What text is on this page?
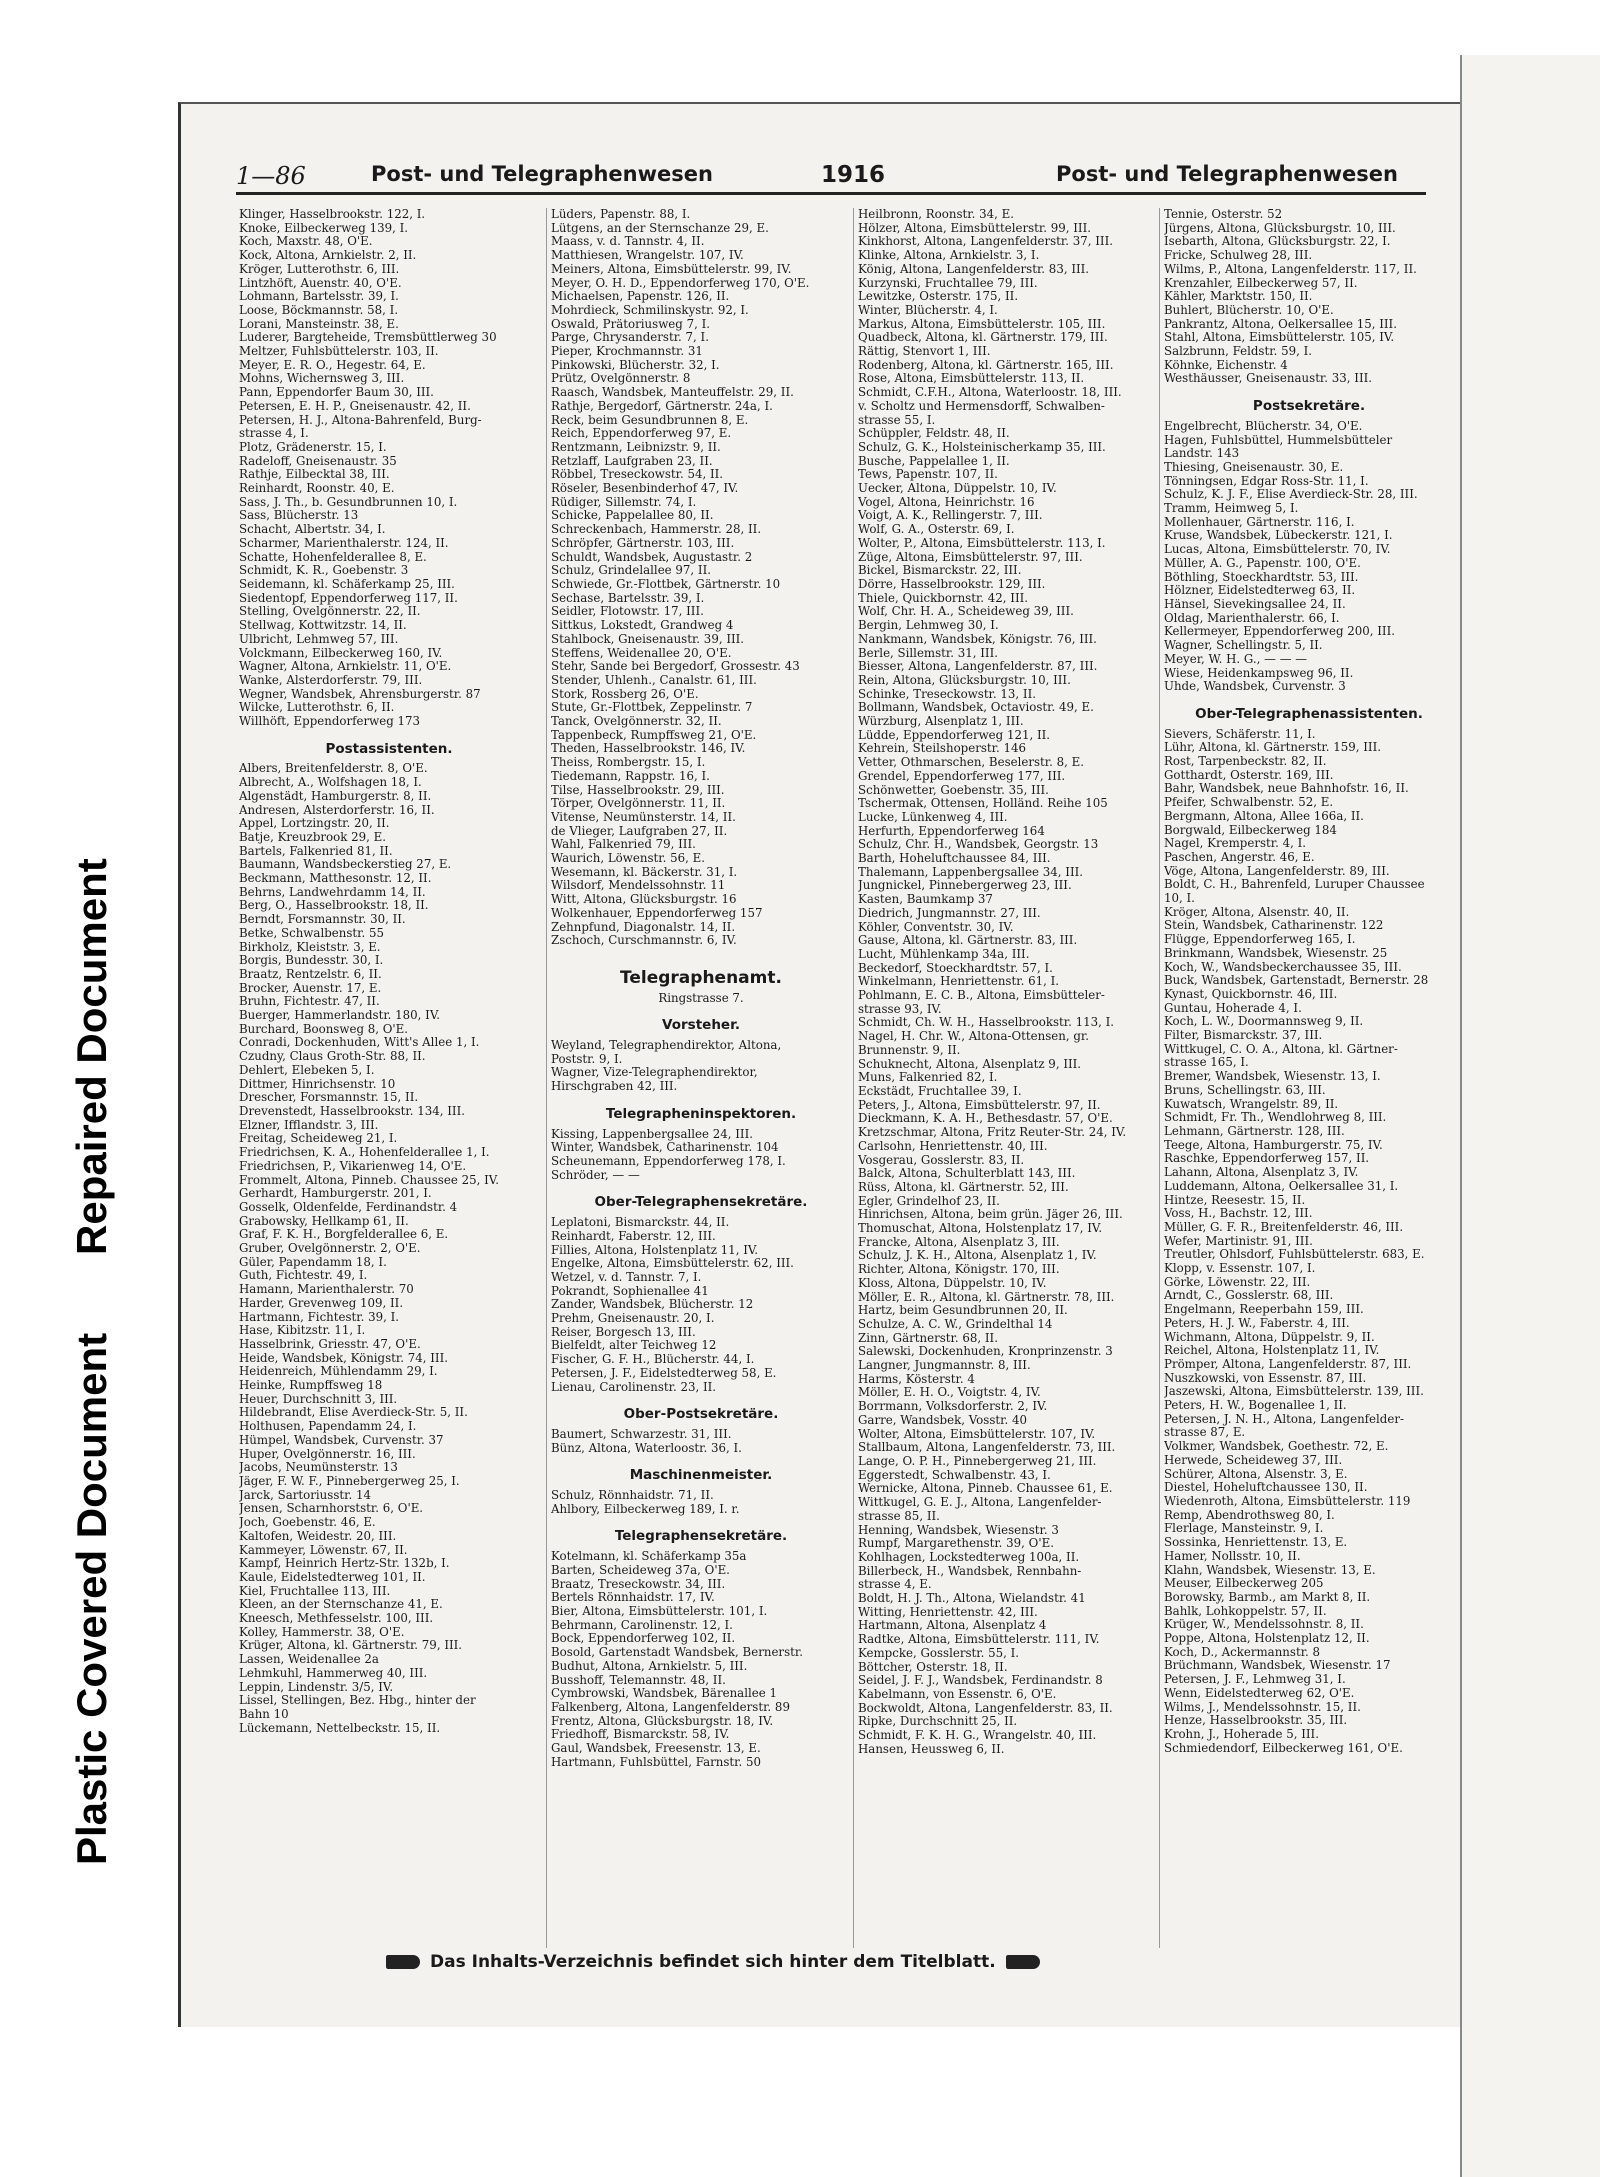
Repaired Document
Plastic Covered Document
1—86	Post- und Telegraphenwesen	1916	Post- und Telegraphenwesen
Klinger, Hasselbrookstr. 122, I.
Knoke, Eilbeckerweg 139, I.
Koch, Maxstr. 48, O'E.
Kock, Altona, Arnkielstr. 2, II.
Kröger, Lutterothstr. 6, III.
Lintzhöft, Auenstr. 40, O'E.
Lohmann, Bartelsstr. 39, I.
Loose, Böckmannstr. 58, I.
Lorani, Mansteinstr. 38, E.
Luderer, Bargteheide, Tremsbüttlerweg 30
Meltzer, Fuhlsbüttelerstr. 103, II.
Meyer, E. R. O., Hegestr. 64, E.
Mohns, Wichernsweg 3, III.
Pann, Eppendorfer Baum 30, III.
Petersen, E. H. P., Gneisenaustr. 42, II.
Petersen, H. J., Altona-Bahrenfeld, Burg-
strasse 4, I.
Plotz, Grädenerstr. 15, I.
Radeloff, Gneisenaustr. 35
Rathje, Eilbecktal 38, III.
Reinhardt, Roonstr. 40, E.
Sass, J. Th., b. Gesundbrunnen 10, I.
Sass, Blücherstr. 13
Schacht, Albertstr. 34, I.
Scharmer, Marienthalerstr. 124, II.
Schatte, Hohenfelderallee 8, E.
Schmidt, K. R., Goebenstr. 3
Seidemann, kl. Schäferkamp 25, III.
Siedentopf, Eppendorferweg 117, II.
Stelling, Övelgönnerstr. 22, II.
Stellwag, Kottwitzstr. 14, II.
Ulbricht, Lehmweg 57, III.
Volckmann, Eilbeckerweg 160, IV.
Wagner, Altona, Arnkielstr. 11, O'E.
Wanke, Alsterdorferstr. 79, III.
Wegner, Wandsbek, Ahrensburgerstr. 87
Wilcke, Lutterothstr. 6, II.
Willhöft, Eppendorferweg 173
Postassistenten.
Albers, Breitenfelderstr. 8, O'E.
Albrecht, A., Wolfshagen 18, I.
Algenstädt, Hamburgerstr. 8, II.
Andresen, Alsterdorferstr. 16, II.
Appel, Lortzingstr. 20, II.
Batje, Kreuzbrook 29, E.
Bartels, Falkenried 81, II.
Baumann, Wandsbeckerstieg 27, E.
Beckmann, Matthesonstr. 12, II.
Behrns, Landwehrdamm 14, II.
Berg, O., Hasselbrookstr. 18, II.
Berndt, Forsmannstr. 30, II.
Betke, Schwalbenstr. 55
Birkholz, Kleiststr. 3, E.
Borgis, Bundesstr. 30, I.
Braatz, Rentzelstr. 6, II.
Brocker, Auenstr. 17, E.
Bruhn, Fichtestr. 47, II.
Buerger, Hammerlandstr. 180, IV.
Burchard, Boonsweg 8, O'E.
Conradi, Dockenhuden, Witt's Allee 1, I.
Czudny, Claus Groth-Str. 88, II.
Dehlert, Elebeken 5, I.
Dittmer, Hinrichsenstr. 10
Drescher, Forsmannstr. 15, II.
Drevenstedt, Hasselbrookstr. 134, III.
Elzner, Ifflandstr. 3, III.
Freitag, Scheideweg 21, I.
Friedrichsen, K. A., Hohenfelderallee 1, I.
Friedrichsen, P., Vikarienweg 14, O'E.
Frommelt, Altona, Pinneb. Chaussee 25, IV.
Gerhardt, Hamburgerstr. 201, I.
Gosselk, Oldenfelde, Ferdinandstr. 4
Grabowsky, Hellkamp 61, II.
Graf, F. K. H., Borgfelderallee 6, E.
Gruber, Övelgönnerstr. 2, O'E.
Güler, Papendamm 18, I.
Guth, Fichtestr. 49, I.
Hamann, Marienthalerstr. 70
Harder, Grevenweg 109, II.
Hartmann, Fichtestr. 39, I.
Hase, Kibitzstr. 11, I.
Hasselbrink, Griesstr. 47, O'E.
Heide, Wandsbek, Königstr. 74, III.
Heidenreich, Mühlendamm 29, I.
Heinke, Rumpffsweg 18
Heuer, Durchschnitt 3, III.
Hildebrandt, Elise Averdieck-Str. 5, II.
Holthusen, Papendamm 24, I.
Hümpel, Wandsbek, Curvenstr. 37
Huper, Övelgönnerstr. 16, III.
Jacobs, Neumünsterstr. 13
Jäger, F. W. F., Pinnebergerweg 25, I.
Jarck, Sartoriusstr. 14
Jensen, Scharnhorststr. 6, O'E.
Joch, Goebenstr. 46, E.
Kaltofen, Weidestr. 20, III.
Kammeyer, Löwenstr. 67, II.
Kampf, Heinrich Hertz-Str. 132b, I.
Kaule, Eidelstedterweg 101, II.
Kiel, Fruchtallee 113, III.
Kleen, an der Sternschanze 41, E.
Kneesch, Methfesselstr. 100, III.
Kolley, Hammerstr. 38, O'E.
Krüger, Altona, kl. Gärtnerstr. 79, III.
Lassen, Weidenallee 2a
Lehmkuhl, Hammerweg 40, III.
Leppin, Lindenstr. 3/5, IV.
Lissel, Stellingen, Bez. Hbg., hinter der
Bahn 10
Lückemann, Nettelbeckstr. 15, II.
Lüders, Papenstr. 88, I.
Lütgens, an der Sternschanze 29, E.
Maass, v. d. Tannstr. 4, II.
Matthiesen, Wrangelstr. 107, IV.
Meiners, Altona, Eimsbüttelerstr. 99, IV.
Meyer, O. H. D., Eppendorferweg 170, O'E.
Michaelsen, Papenstr. 126, II.
Mohrdieck, Schmilinskystr. 92, I.
Oswald, Prätoriusweg 7, I.
Parge, Chrysanderstr. 7, I.
Pieper, Krochmannstr. 31
Pinkowski, Blücherstr. 32, I.
Prütz, Övelgönnerstr. 8
Raasch, Wandsbek, Manteuffelstr. 29, II.
Rathje, Bergedorf, Gärtnerstr. 24a, I.
Reck, beim Gesundbrunnen 8, E.
Reich, Eppendorferweg 97, E.
Rentzmann, Leibnizstr. 9, II.
Retzlaff, Laufgraben 23, II.
Röbbel, Treseckowstr. 54, II.
Röseler, Besenbinderhof 47, IV.
Rüdiger, Sillemstr. 74, I.
Schicke, Pappelallee 80, II.
Schreckenbach, Hammerstr. 28, II.
Schröpfer, Gärtnerstr. 103, III.
Schuldt, Wandsbek, Augustastr. 2
Schulz, Grindelallee 97, II.
Schwiede, Gr.-Flottbek, Gärtnerstr. 10
Sechase, Bartelsstr. 39, I.
Seidler, Flotowstr. 17, III.
Sittkus, Lokstedt, Grandweg 4
Stahlbock, Gneisenaustr. 39, III.
Steffens, Weidenallee 20, O'E.
Stehr, Sande bei Bergedorf, Grossestr. 43
Stender, Uhlenh., Canalstr. 61, III.
Stork, Rossberg 26, O'E.
Stute, Gr.-Flottbek, Zeppelinstr. 7
Tanck, Övelgönnerstr. 32, II.
Tappenbeck, Rumpffsweg 21, O'E.
Theden, Hasselbrookstr. 146, IV.
Theiss, Rombergstr. 15, I.
Tiedemann, Rappstr. 16, I.
Tilse, Hasselbrookstr. 29, III.
Törper, Övelgönnerstr. 11, II.
Vitense, Neumünsterstr. 14, II.
de Vlieger, Laufgraben 27, II.
Wahl, Falkenried 79, III.
Waurich, Löwenstr. 56, E.
Wesemann, kl. Bäckerstr. 31, I.
Wilsdorf, Mendelssohnstr. 11
Witt, Altona, Glücksburgstr. 16
Wolkenhauer, Eppendorferweg 157
Zehnpfund, Diagonalstr. 14, II.
Zschoch, Curschmannstr. 6, IV.
Telegraphenamt.
Ringstrasse 7.
Vorsteher.
Weyland, Telegraphendirektor, Altona,
Poststr. 9, I.
Wagner, Vize-Telegraphendirektor,
Hirschgraben 42, III.
Telegrapheninspektoren.
Kissing, Lappenbergsallee 24, III.
Winter, Wandsbek, Catharinenstr. 104
Scheunemann, Eppendorferweg 178, I.
Schröder, — —
Ober-Telegraphensekretäre.
Leplatoni, Bismarckstr. 44, II.
Reinhardt, Faberstr. 12, III.
Fillies, Altona, Holstenplatz 11, IV.
Engelke, Altona, Eimsbüttelerstr. 62, III.
Wetzel, v. d. Tannstr. 7, I.
Pokrandt, Sophienallee 41
Zander, Wandsbek, Blücherstr. 12
Prehm, Gneisenaustr. 20, I.
Reiser, Borgesch 13, III.
Bielfeldt, alter Teichweg 12
Fischer, G. F. H., Blücherstr. 44, I.
Petersen, J. F., Eidelstedterweg 58, E.
Lienau, Carolinenstr. 23, II.
Ober-Postsekretäre.
Baumert, Schwarzestr. 31, III.
Bünz, Altona, Waterloostr. 36, I.
Maschinenmeister.
Schulz, Rönnhaidstr. 71, II.
Ahlbory, Eilbeckerweg 189, I. r.
Telegraphensekretäre.
Kotelmann, kl. Schäferkamp 35a
Barten, Scheideweg 37a, O'E.
Braatz, Treseckowstr. 34, III.
Bertels Rönnhaidstr. 17, IV.
Bier, Altona, Eimsbüttelerstr. 101, I.
Behrmann, Carolinenstr. 12, I.
Bock, Eppendorferweg 102, II.
Bosold, Gartenstadt Wandsbek, Bernerstr.
Budhut, Altona, Arnkielstr. 5, III.
Busshoff, Telemannstr. 48, II.
Cymbrowski, Wandsbek, Bärenallee 1
Falkenberg, Altona, Langenfelderstr. 89
Frentz, Altona, Glücksburgstr. 18, IV.
Friedhoff, Bismarckstr. 58, IV.
Gaul, Wandsbek, Freesenstr. 13, E.
Hartmann, Fuhlsbüttel, Farnstr. 50
Heilbronn, Roonstr. 34, E.
Hölzer, Altona, Eimsbüttelerstr. 99, III.
Kinkhorst, Altona, Langenfelderstr. 37, III.
Klinke, Altona, Arnkielstr. 3, I.
König, Altona, Langenfelderstr. 83, III.
Kurzynski, Fruchtallee 79, III.
Lewitzke, Osterstr. 175, II.
Winter, Blücherstr. 4, I.
Markus, Altona, Eimsbüttelerstr. 105, III.
Quadbeck, Altona, kl. Gärtnerstr. 179, III.
Rättig, Stenvort 1, III.
Rodenberg, Altona, kl. Gärtnerstr. 165, III.
Rose, Altona, Eimsbüttelerstr. 113, II.
Schmidt, C.F.H., Altona, Waterloostr. 18, III.
v. Scholtz und Hermensdorff, Schwalben-
strasse 55, I.
Schüppler, Feldstr. 48, II.
Schulz, G. K., Holsteinischerkamp 35, III.
Busche, Pappelallee 1, II.
Tews, Papenstr. 107, II.
Uecker, Altona, Düppelstr. 10, IV.
Vogel, Altona, Heinrichstr. 16
Voigt, A. K., Rellingerstr. 7, III.
Wolf, G. A., Osterstr. 69, I.
Wolter, P., Altona, Eimsbüttelerstr. 113, I.
Züge, Altona, Eimsbüttelerstr. 97, III.
Bickel, Bismarckstr. 22, III.
Dörre, Hasselbrookstr. 129, III.
Thiele, Quickbornstr. 42, III.
Wolf, Chr. H. A., Scheideweg 39, III.
Bergin, Lehmweg 30, I.
Nankmann, Wandsbek, Königstr. 76, III.
Berle, Sillemstr. 31, III.
Biesser, Altona, Langenfelderstr. 87, III.
Rein, Altona, Glücksburgstr. 10, III.
Schinke, Treseckowstr. 13, II.
Bollmann, Wandsbek, Octaviostr. 49, E.
Würzburg, Alsenplatz 1, III.
Lüdde, Eppendorferweg 121, II.
Kehrein, Steilshoperstr. 146
Vetter, Othmarschen, Beselerstr. 8, E.
Grendel, Eppendorferweg 177, III.
Schönwetter, Goebenstr. 35, III.
Tschermak, Ottensen, Holländ. Reihe 105
Lucke, Lünkenweg 4, III.
Herfurth, Eppendorferweg 164
Schulz, Chr. H., Wandsbek, Georgstr. 13
Barth, Hoheluftchaussee 84, III.
Thalemann, Lappenbergsallee 34, III.
Jungnickel, Pinnebergerweg 23, III.
Kasten, Baumkamp 37
Diedrich, Jungmannstr. 27, III.
Köhler, Conventstr. 30, IV.
Gause, Altona, kl. Gärtnerstr. 83, III.
Lucht, Mühlenkamp 34a, III.
Beckedorf, Stoeckhardtstr. 57, I.
Winkelmann, Henriettenstr. 61, I.
Pohlmann, E. C. B., Altona, Eimsbütteler-
strasse 93, IV.
Schmidt, Ch. W. H., Hasselbrookstr. 113, I.
Nagel, H. Chr. W., Altona-Ottensen, gr.
Brunnenstr. 9, II.
Schuknecht, Altona, Alsenplatz 9, III.
Muns, Falkenried 82, I.
Eckstädt, Fruchtallee 39, I.
Peters, J., Altona, Eimsbüttelerstr. 97, II.
Dieckmann, K. A. H., Bethesdastr. 57, O'E.
Kretzschmar, Altona, Fritz Reuter-Str. 24, IV.
Carlsohn, Henriettenstr. 40, III.
Vosgerau, Gosslerstr. 83, II.
Balck, Altona, Schulterblatt 143, III.
Rüss, Altona, kl. Gärtnerstr. 52, III.
Egler, Grindelhof 23, II.
Hinrichsen, Altona, beim grün. Jäger 26, III.
Thomuschat, Altona, Holstenplatz 17, IV.
Francke, Altona, Alsenplatz 3, III.
Schulz, J. K. H., Altona, Alsenplatz 1, IV.
Richter, Altona, Königstr. 170, III.
Kloss, Altona, Düppelstr. 10, IV.
Möller, E. R., Altona, kl. Gärtnerstr. 78, III.
Hartz, beim Gesundbrunnen 20, II.
Schulze, A. C. W., Grindelthal 14
Zinn, Gärtnerstr. 68, II.
Salewski, Dockenhuden, Kronprinzenstr. 3
Langner, Jungmannstr. 8, III.
Harms, Kösterstr. 4
Möller, E. H. O., Voigtstr. 4, IV.
Borrmann, Volksdorferstr. 2, IV.
Garre, Wandsbek, Vosstr. 40
Wolter, Altona, Eimsbüttelerstr. 107, IV.
Stallbaum, Altona, Langenfelderstr. 73, III.
Lange, O. P. H., Pinnebergerweg 21, III.
Eggerstedt, Schwalbenstr. 43, I.
Wernicke, Altona, Pinneb. Chaussee 61, E.
Wittkugel, G. E. J., Altona, Langenfelder-
strasse 85, II.
Henning, Wandsbek, Wiesenstr. 3
Rumpf, Margarethenstr. 39, O'E.
Kohlhagen, Lockstedterweg 100a, II.
Billerbeck, H., Wandsbek, Rennbahn-
strasse 4, E.
Boldt, H. J. Th., Altona, Wielandstr. 41
Witting, Henriettenstr. 42, III.
Hartmann, Altona, Alsenplatz 4
Radtke, Altona, Eimsbüttelerstr. 111, IV.
Kempcke, Gosslerstr. 55, I.
Böttcher, Osterstr. 18, II.
Seidel, J. F. J., Wandsbek, Ferdinandstr. 8
Kabelmann, von Essenstr. 6, O'E.
Bockwoldt, Altona, Langenfelderstr. 83, II.
Ripke, Durchschnitt 25, II.
Schmidt, F. K. H. G., Wrangelstr. 40, III.
Hansen, Heussweg 6, II.
Tennie, Osterstr. 52
Jürgens, Altona, Glücksburgstr. 10, III.
Isebarth, Altona, Glücksburgstr. 22, I.
Fricke, Schulweg 28, III.
Wilms, P., Altona, Langenfelderstr. 117, II.
Krenzahler, Eilbeckerweg 57, II.
Kähler, Marktstr. 150, II.
Buhlert, Blücherstr. 10, O'E.
Pankrantz, Altona, Oelkersallee 15, III.
Stahl, Altona, Eimsbüttelerstr. 105, IV.
Salzbrunn, Feldstr. 59, I.
Köhnke, Eichenstr. 4
Westhäusser, Gneisenaustr. 33, III.
Postsekretäre.
Engelbrecht, Blücherstr. 34, O'E.
Hagen, Fuhlsbüttel, Hummelsbütteler
Landstr. 143
Thiesing, Gneisenaustr. 30, E.
Tönningsen, Edgar Ross-Str. 11, I.
Schulz, K. J. F., Elise Averdieck-Str. 28, III.
Tramm, Heimweg 5, I.
Mollenhauer, Gärtnerstr. 116, I.
Kruse, Wandsbek, Lübeckerstr. 121, I.
Lucas, Altona, Eimsbüttelerstr. 70, IV.
Müller, A. G., Papenstr. 100, O'E.
Böthling, Stoeckhardtstr. 53, III.
Hölzner, Eidelstedterweg 63, II.
Hänsel, Sievekingsallee 24, II.
Oldag, Marienthalerstr. 66, I.
Kellermeyer, Eppendorferweg 200, III.
Wagner, Schellingstr. 5, II.
Meyer, W. H. G., — — —
Wiese, Heidenkampsweg 96, II.
Uhde, Wandsbek, Curvenstr. 3
Ober-Telegraphenassistenten.
Sievers, Schäferstr. 11, I.
Lühr, Altona, kl. Gärtnerstr. 159, III.
Rost, Tarpenbeckstr. 82, II.
Gotthardt, Osterstr. 169, III.
Bahr, Wandsbek, neue Bahnhofstr. 16, II.
Pfeifer, Schwalbenstr. 52, E.
Bergmann, Altona, Allee 166a, II.
Borgwald, Eilbeckerweg 184
Nagel, Kremperstr. 4, I.
Paschen, Angerstr. 46, E.
Vöge, Altona, Langenfelderstr. 89, III.
Boldt, C. H., Bahrenfeld, Luruper Chaussee
10, I.
Kröger, Altona, Alsenstr. 40, II.
Stein, Wandsbek, Catharinenstr. 122
Flügge, Eppendorferweg 165, I.
Brinkmann, Wandsbek, Wiesenstr. 25
Koch, W., Wandsbeckerchaussee 35, III.
Buck, Wandsbek, Gartenstadt, Bernerstr. 28
Kynast, Quickbornstr. 46, III.
Guntau, Hoherade 4, I.
Koch, L. W., Doormannsweg 9, II.
Filter, Bismarckstr. 37, III.
Wittkugel, C. O. A., Altona, kl. Gärtner-
strasse 165, I.
Bremer, Wandsbek, Wiesenstr. 13, I.
Bruns, Schellingstr. 63, III.
Kuwatsch, Wrangelstr. 89, II.
Schmidt, Fr. Th., Wendlohrweg 8, III.
Lehmann, Gärtnerstr. 128, III.
Teege, Altona, Hamburgerstr. 75, IV.
Raschke, Eppendorferweg 157, II.
Lahann, Altona, Alsenplatz 3, IV.
Luddemann, Altona, Oelkersallee 31, I.
Hintze, Reesestr. 15, II.
Voss, H., Bachstr. 12, III.
Müller, G. F. R., Breitenfelderstr. 46, III.
Wefer, Martinistr. 91, III.
Treutler, Ohlsdorf, Fuhlsbüttelerstr. 683, E.
Klopp, v. Essenstr. 107, I.
Görke, Löwenstr. 22, III.
Arndt, C., Gosslerstr. 68, III.
Engelmann, Reeperbahn 159, III.
Peters, H. J. W., Faberstr. 4, III.
Wichmann, Altona, Düppelstr. 9, II.
Reichel, Altona, Holstenplatz 11, IV.
Prömper, Altona, Langenfelderstr. 87, III.
Nuszkowski, von Essenstr. 87, III.
Jaszewski, Altona, Eimsbüttelerstr. 139, III.
Peters, H. W., Bogenallee 1, II.
Petersen, J. N. H., Altona, Langenfelder-
strasse 87, E.
Volkmer, Wandsbek, Goethestr. 72, E.
Herwede, Scheideweg 37, III.
Schürer, Altona, Alsenstr. 3, E.
Diestel, Hoheluftchaussee 130, II.
Wiedenroth, Altona, Eimsbüttelerstr. 119
Remp, Abendrothsweg 80, I.
Flerlage, Mansteinstr. 9, I.
Sossinka, Henriettenstr. 13, E.
Hamer, Nollsstr. 10, II.
Klahn, Wandsbek, Wiesenstr. 13, E.
Meuser, Eilbeckerweg 205
Borowsky, Barmb., am Markt 8, II.
Bahlk, Lohkoppelstr. 57, II.
Krüger, W., Mendelssohnstr. 8, II.
Poppe, Altona, Holstenplatz 12, II.
Koch, D., Ackermannstr. 8
Brüchmann, Wandsbek, Wiesenstr. 17
Petersen, J. F., Lehmweg 31, I.
Wenn, Eidelstedterweg 62, O'E.
Wilms, J., Mendelssohnstr. 15, II.
Henze, Hasselbrookstr. 35, III.
Krohn, J., Hoherade 5, III.
Schmiedendorf, Eilbeckerweg 161, O'E.
Das Inhalts-Verzeichnis befindet sich hinter dem Titelblatt.
